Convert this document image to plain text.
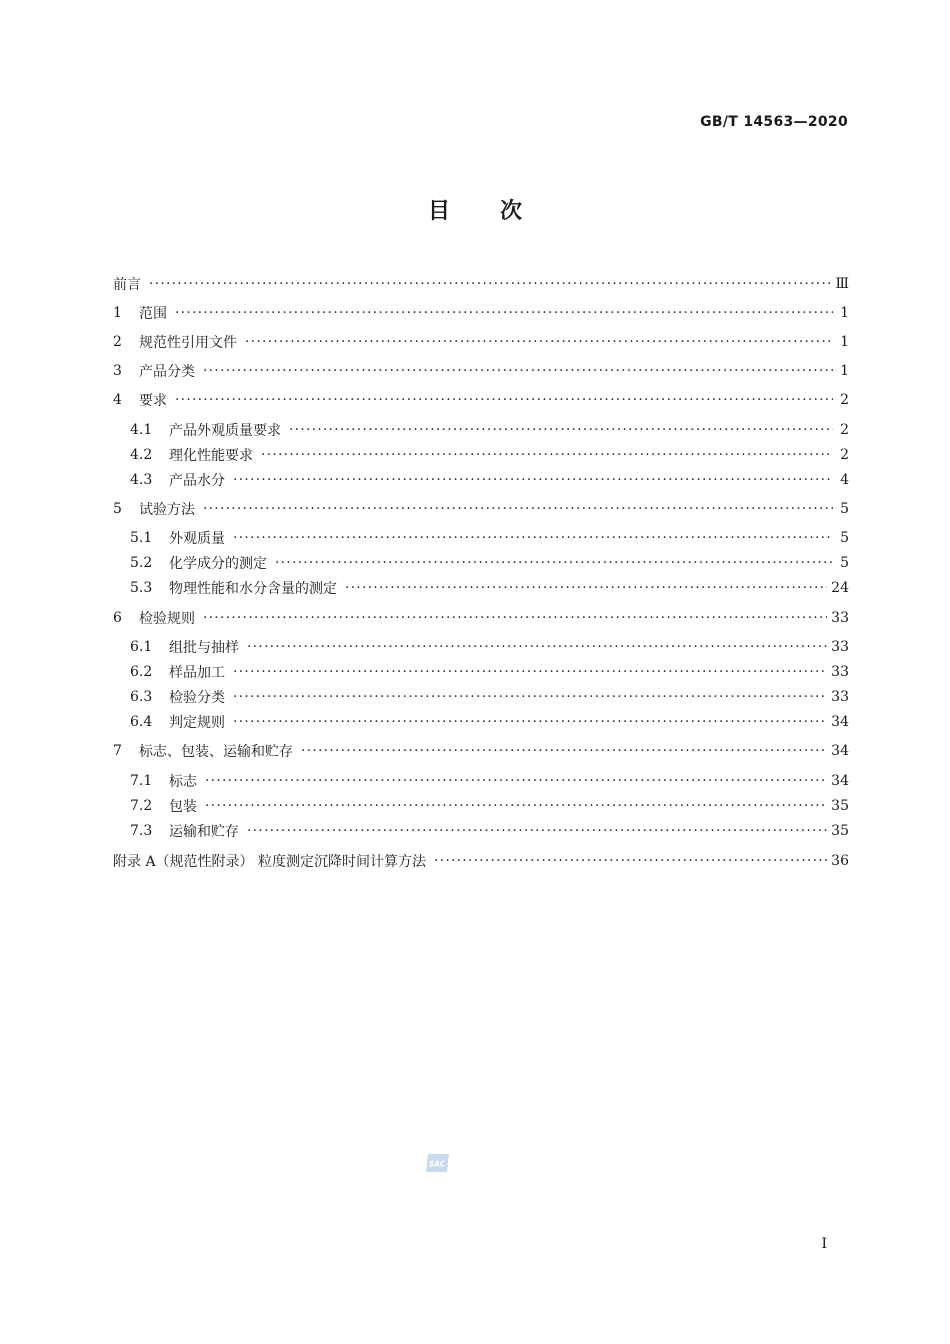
GB/T 14563—2020
目次
前言 ·····	Ⅲ
1	范围 ·····	1
2	规范性引用文件 ·····	1
3	产品分类 ·····	1
4	要求 ·····	2
4.1	产品外观质量要求 ·····	2
4.2	理化性能要求 ·····	2
4.3	产品水分 ·····	4
5	试验方法 ·····	5
5.1	外观质量 ·····	5
5.2	化学成分的测定 ·····	5
5.3	物理性能和水分含量的测定 ·····	24
6	检验规则 ·····	33
6.1	组批与抽样 ·····	33
6.2	样品加工 ·····	33
6.3	检验分类 ·····	33
6.4	判定规则 ·····	34
7	标志、包装、运输和贮存 ·····	34
7.1	标志 ·····	34
7.2	包装 ·····	35
7.3	运输和贮存 ·····	35
附录 A（规范性附录） 粒度测定沉降时间计算方法 ·····	36
SAC
I
